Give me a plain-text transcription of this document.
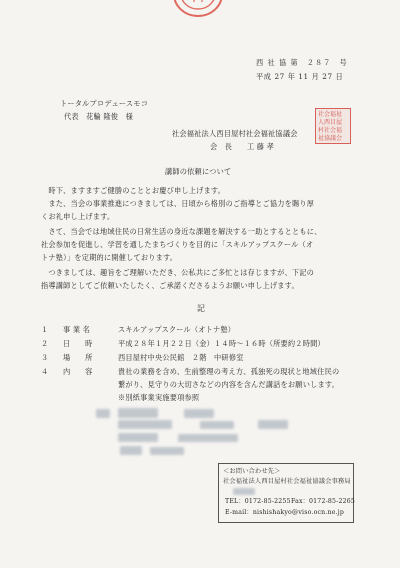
西 社 協 第　２８７　号
平成 27 年 11 月 27 日
トータルプロデュースモコ
代表　花輪 隆俊　様
社会福祉法人西目屋村社会福祉協議会
会　長　　工 藤 孝
社会福祉
人西目屋
村社会福
祉協議会
講師の依頼について
　時下、ますますご健勝のこととお慶び申し上げます。
　また、当会の事業推進につきましては、日頃から格別のご指導とご協力を賜り厚
くお礼申し上げます。
　さて、当会では地域住民の日常生活の身近な課題を解決する一助とするとともに、
社会参加を促進し、学習を通したまちづくりを目的に「スキルアップスクール（オ
トナ塾）」を定期的に開催しております。
　つきましては、趣旨をご理解いただき、公私共にご多忙とは存じますが、下記の
指導講師としてご依頼いたしたく、ご承諾くださるようお願い申し上げます。
記
１ 事 業 名	スキルアップスクール（オトナ塾）
２ 日　　時	平成２８年１月２２日（金）１４時～１６時（所要約２時間）
３ 場　　所	西目屋村中央公民館　２階　中研修室
４ 内　　容	貴社の業務を含め、生前整理の考え方、孤独死の現状と地域住民の
繋がり、見守りの大切さなどの内容を含んだ講話をお願いします。
※別紙事業実施要項参照
＜お問い合わせ先＞
社会福祉法人西目屋村社会福祉協議会事務局
TEL：0172-85-2255 Fax：0172-85-2265
E-mail：nishishakyo@viso.ocn.ne.jp
